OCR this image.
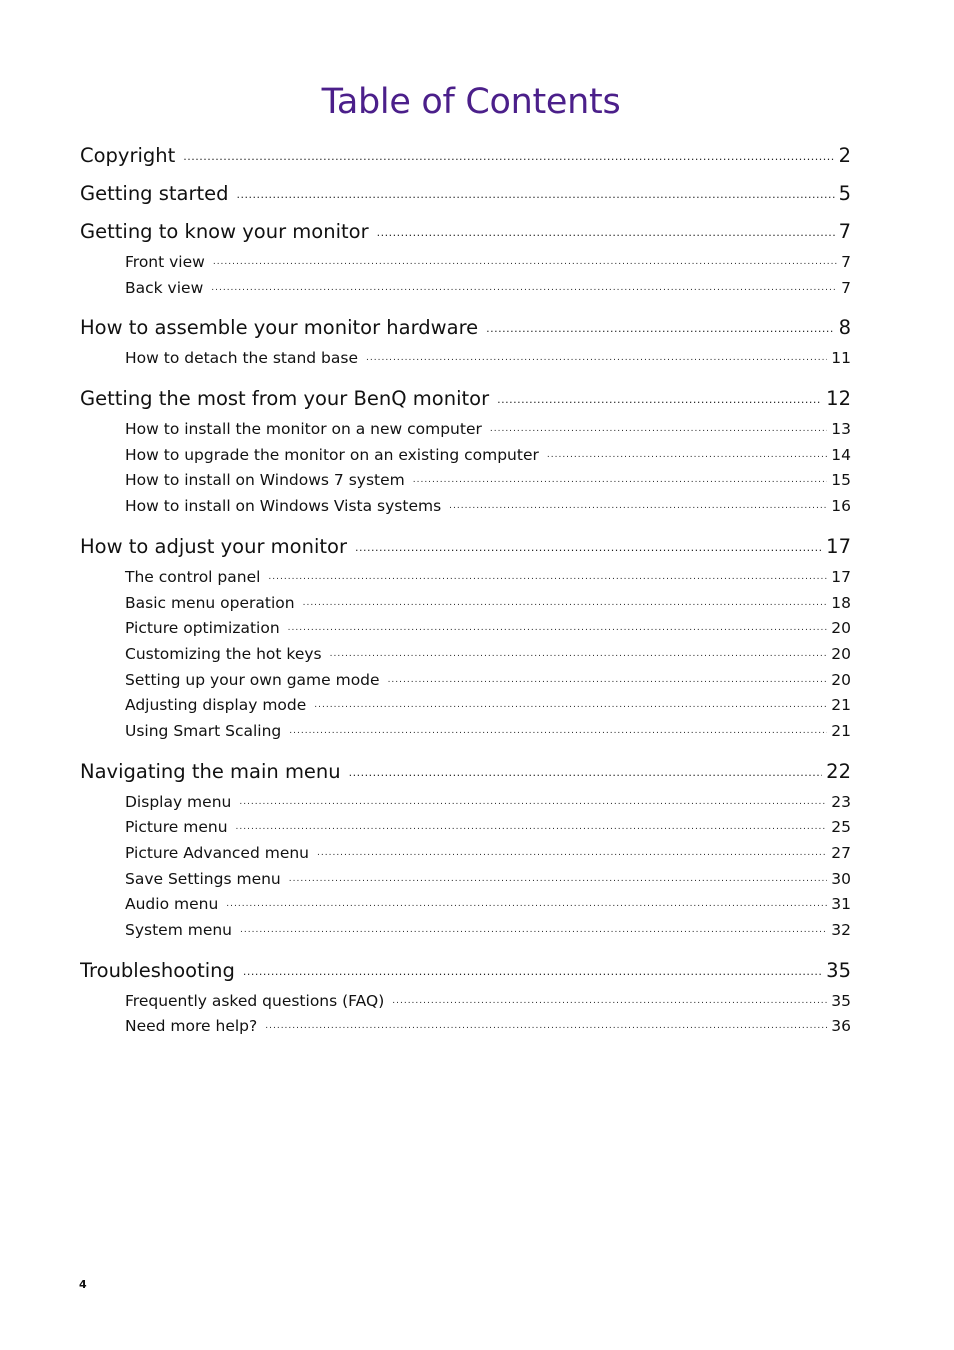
Table of Contents
Copyright .....	2
Getting started .....	5
Getting to know your monitor .....	7
Front view .....	7
Back view .....	7
How to assemble your monitor hardware .....	8
How to detach the stand base .....	11
Getting the most from your BenQ monitor .....	12
How to install the monitor on a new computer .....	13
How to upgrade the monitor on an existing computer .....	14
How to install on Windows 7 system .....	15
How to install on Windows Vista systems .....	16
How to adjust your monitor .....	17
The control panel .....	17
Basic menu operation .....	18
Picture optimization .....	20
Customizing the hot keys .....	20
Setting up your own game mode .....	20
Adjusting display mode .....	21
Using Smart Scaling .....	21
Navigating the main menu .....	22
Display menu .....	23
Picture menu .....	25
Picture Advanced menu .....	27
Save Settings menu .....	30
Audio menu .....	31
System menu .....	32
Troubleshooting .....	35
Frequently asked questions (FAQ) .....	35
Need more help? .....	36
4
